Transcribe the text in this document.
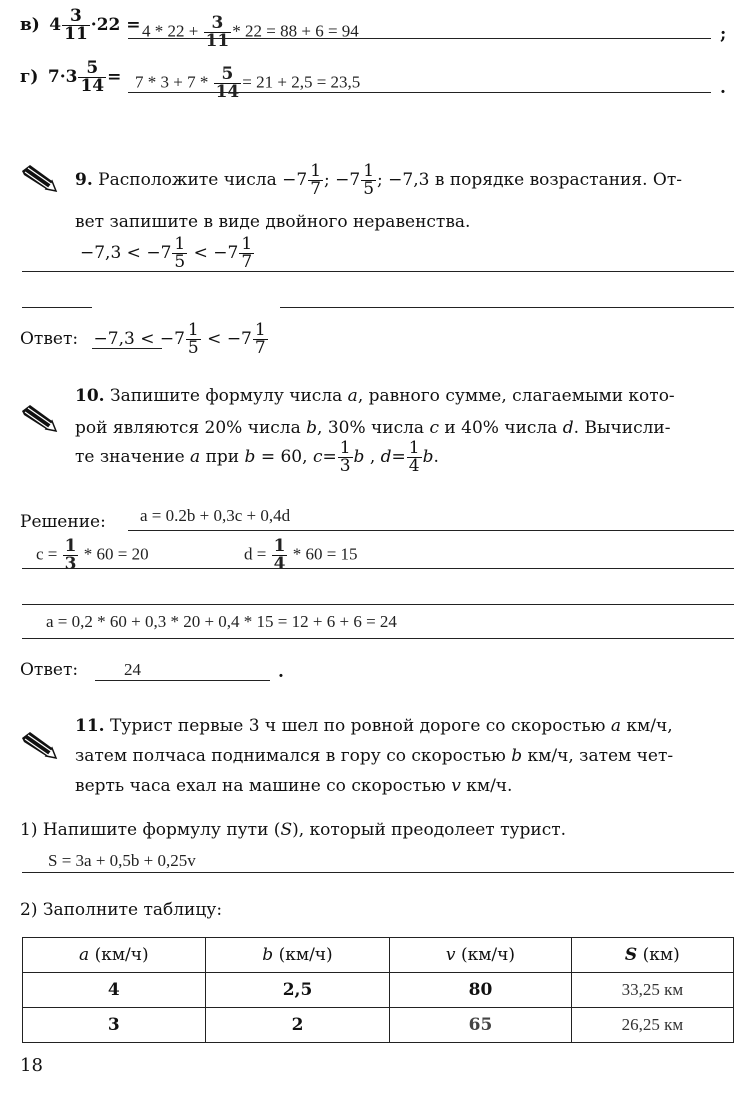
в) $4 \frac{3}{11} \cdot 22 = 4 * 22 + \frac{3}{11} * 22 = 88 + 6 = 94$	;
г) $7\cdot 3 \frac{5}{14} = 7 * 3 + 7 * \frac{5}{14} = 21 + 2,5 = 23,5$	.
9. Расположите числа $-7 \frac{1}{7}$ ; $-7 \frac{1}{5}$ ; −7,3 в порядке возрастания. От-
вет запишите в виде двойного неравенства.
$-7,3 < -7 \frac{1}{5} < -7 \frac{1}{7}$
Ответ: $-7,3 < -7 \frac{1}{5} < -7 \frac{1}{7}$
10. Запишите формулу числа a, равного сумме, слагаемыми кото-
рой являются 20% числа b, 30% числа c и 40% числа d. Вычисли-
те значение a при b = 60, $c= \frac{1}{3}$ b , $d= \frac{1}{4} b$.
Решение: a = 0.2b + 0,3c + 0,4d
$c = \frac{1}{3} * 60 = 20$	$d = \frac{1}{4} * 60 = 15$
a = 0,2 * 60 + 0,3 * 20 + 0,4 * 15 = 12 + 6 + 6 = 24
Ответ:	24	.
11. Турист первые 3 ч шел по ровной дороге со скоростью a км/ч,
затем полчаса поднимался в гору со скоростью b км/ч, затем чет-
верть часа ехал на машине со скоростью v км/ч.
1) Напишите формулу пути (S), который преодолеет турист.
S = 3a + 0,5b + 0,25v
2) Заполните таблицу:
a (км/ч)	b (км/ч)	v (км/ч)	S (км)
4	2,5	80	33,25 км
3	2	65	26,25 км
18
